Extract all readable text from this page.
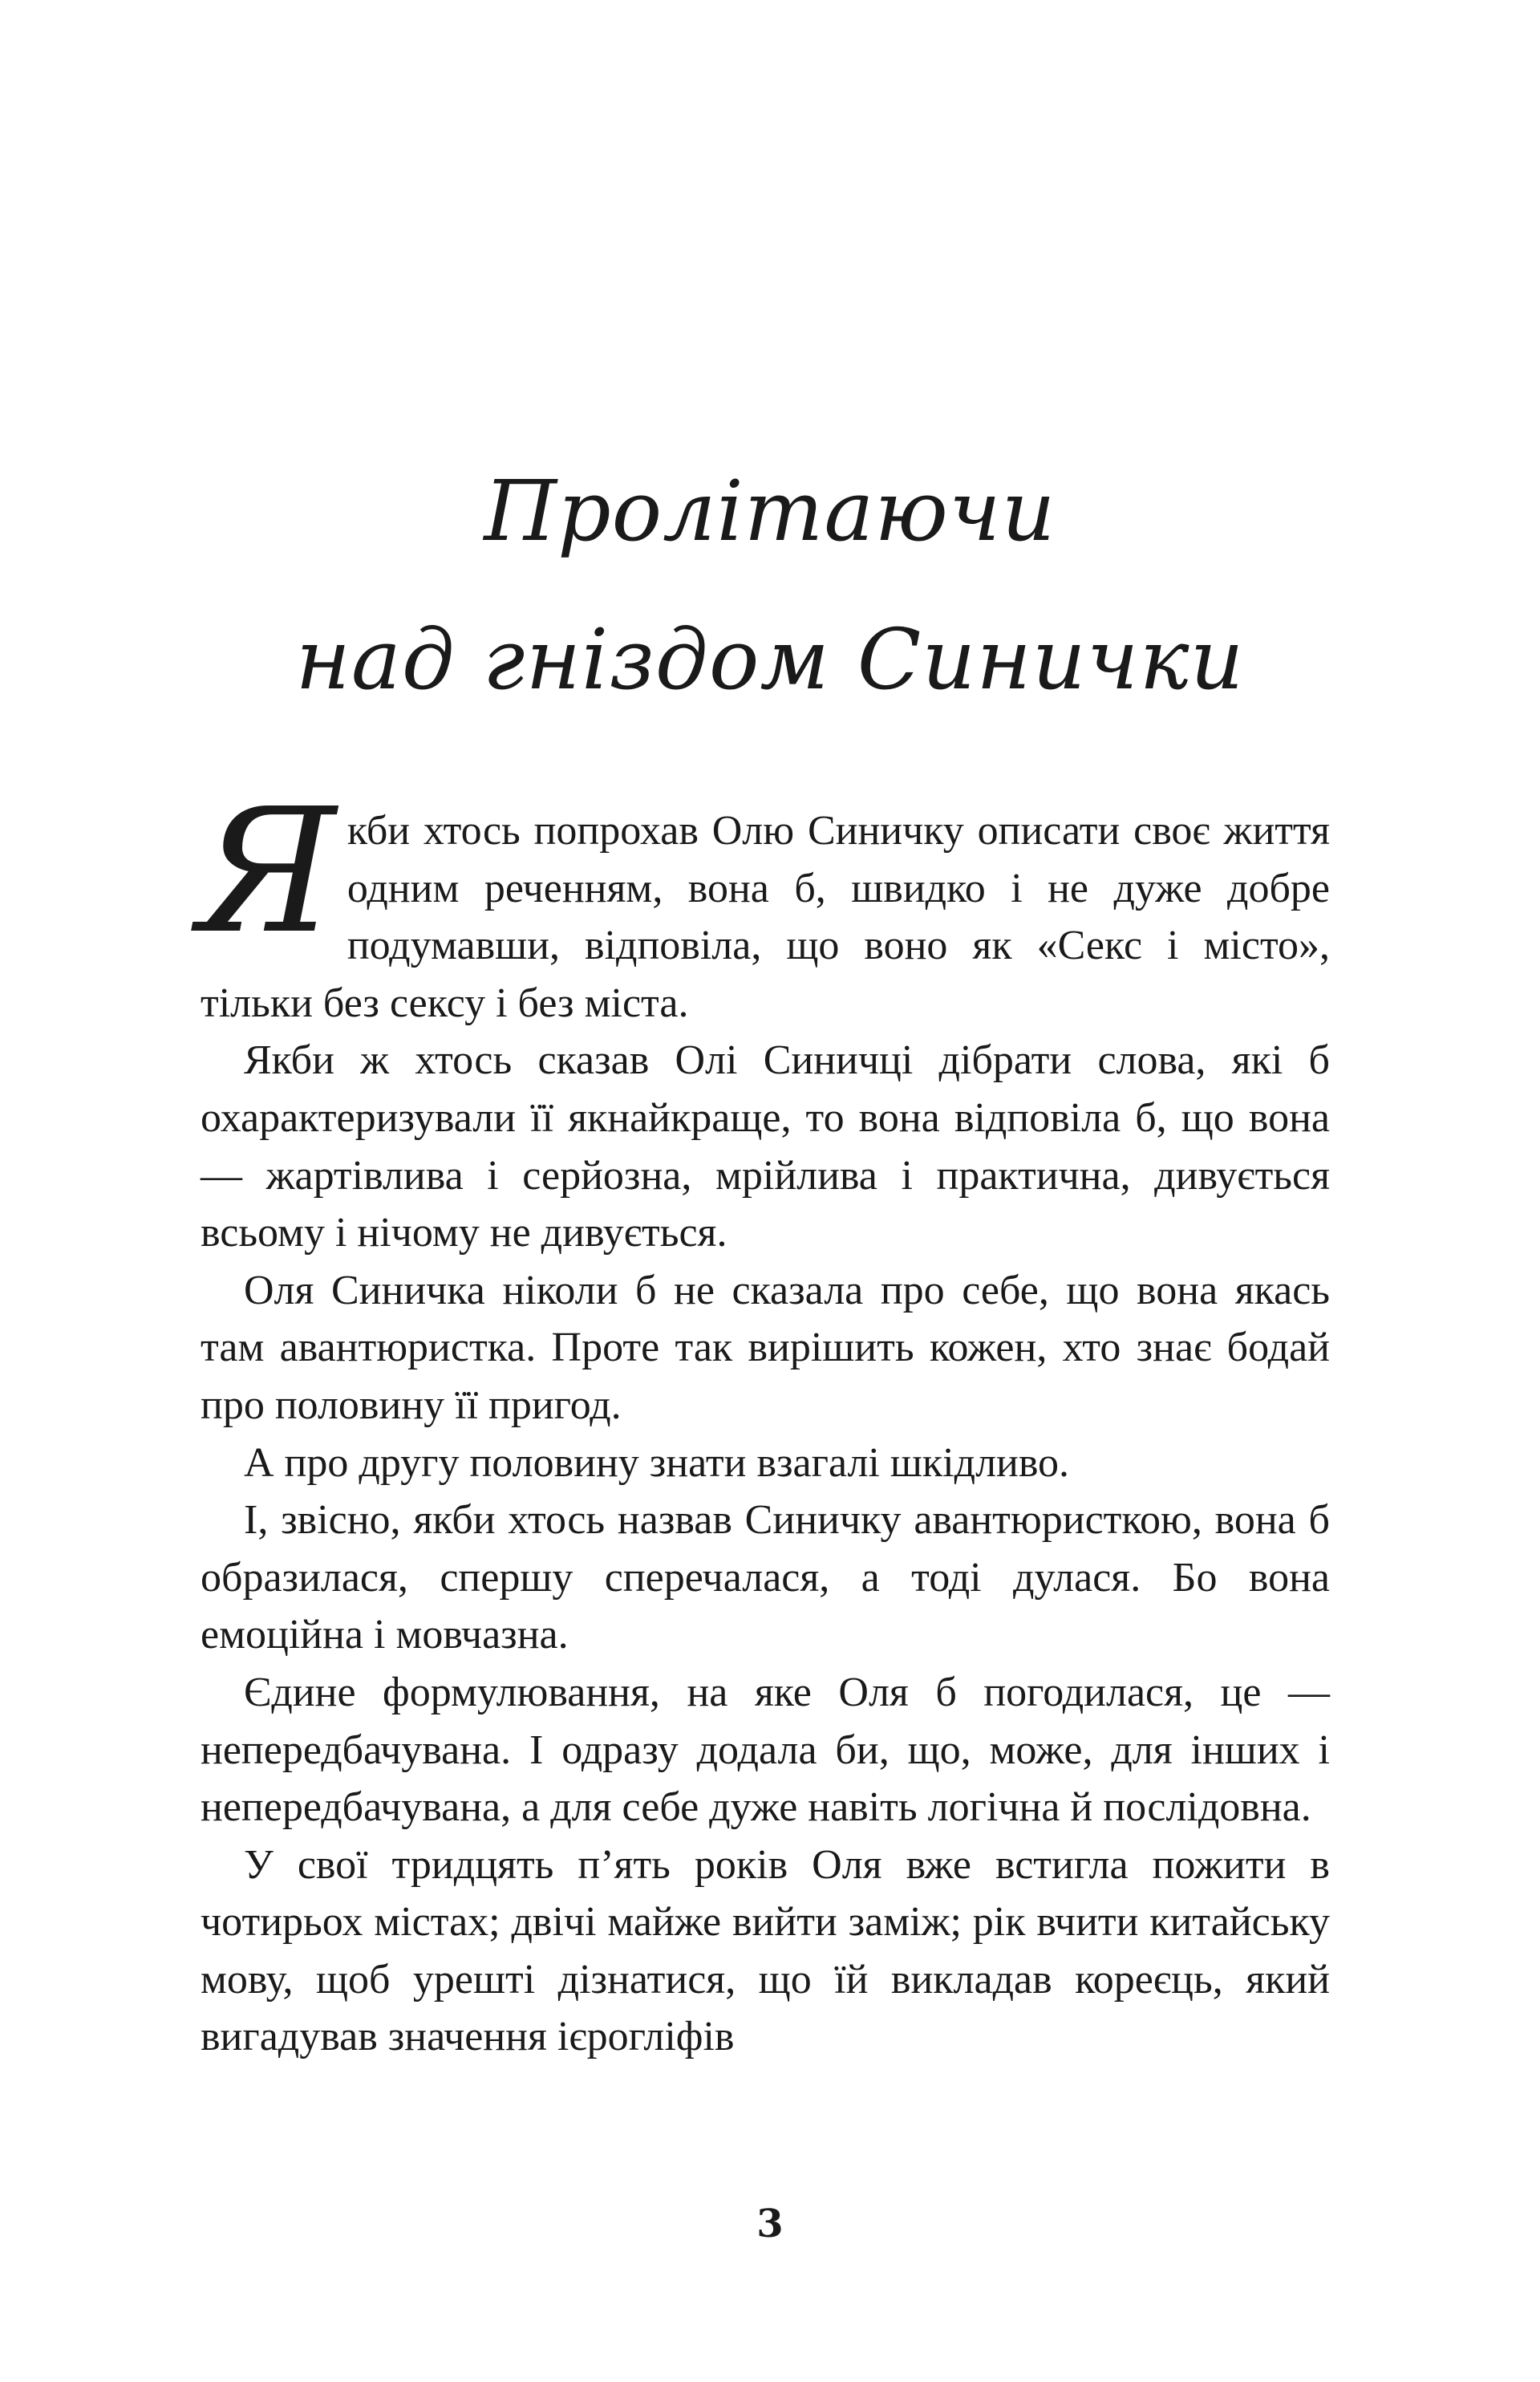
Пролітаючи
над гніздом Синички

Якби хтось попрохав Олю Синичку описати своє життя одним реченням, вона б, швидко і не дуже добре подумавши, відповіла, що воно як «Секс і місто», тільки без сексу і без міста.

Якби ж хтось сказав Олі Синичці дібрати слова, які б охарактеризували її якнайкраще, то вона відповіла б, що вона — жартівлива і серйозна, мрійлива і практична, дивується всьому і нічому не дивується.

Оля Синичка ніколи б не сказала про себе, що вона якась там авантюристка. Проте так вирішить кожен, хто знає бодай про половину її пригод.

А про другу половину знати взагалі шкідливо.

І, звісно, якби хтось назвав Синичку авантюристкою, вона б образилася, спершу сперечалася, а тоді дулася. Бо вона емоційна і мовчазна.

Єдине формулювання, на яке Оля б погодилася, це — непередбачувана. І одразу додала би, що, може, для інших і непередбачувана, а для себе дуже навіть логічна й послідовна.

У свої тридцять п’ять років Оля вже встигла пожити в чотирьох містах; двічі майже вийти заміж; рік вчити китайську мову, щоб урешті дізнатися, що їй викладав кореєць, який вигадував значення ієрогліфів

3
